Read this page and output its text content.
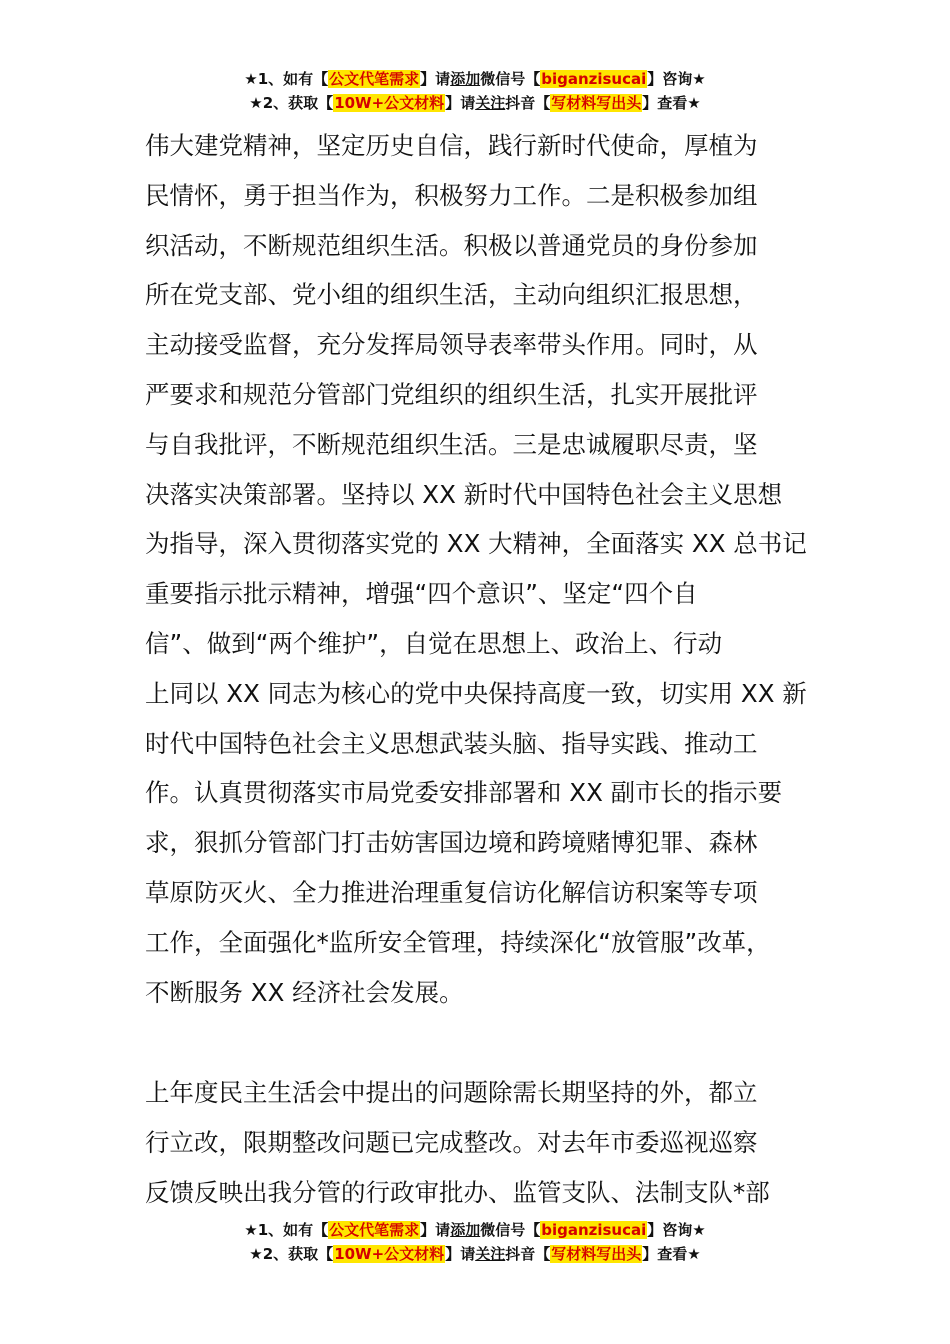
★1、如有【公文代笔需求】请添加微信号【biganzisucai】咨询★
★2、获取【10W+公文材料】请关注抖音【写材料写出头】查看★
伟大建党精神，坚定历史自信，践行新时代使命，厚植为
民情怀，勇于担当作为，积极努力工作。二是积极参加组
织活动，不断规范组织生活。积极以普通党员的身份参加
所在党支部、党小组的组织生活，主动向组织汇报思想，
主动接受监督，充分发挥局领导表率带头作用。同时，从
严要求和规范分管部门党组织的组织生活，扎实开展批评
与自我批评，不断规范组织生活。三是忠诚履职尽责，坚
决落实决策部署。坚持以 XX 新时代中国特色社会主义思想
为指导，深入贯彻落实党的 XX 大精神，全面落实 XX 总书记
重要指示批示精神，增强“四个意识”、坚定“四个自
信”、做到“两个维护”，自觉在思想上、政治上、行动
上同以 XX 同志为核心的党中央保持高度一致，切实用 XX 新
时代中国特色社会主义思想武装头脑、指导实践、推动工
作。认真贯彻落实市局党委安排部署和 XX 副市长的指示要
求，狠抓分管部门打击妨害国边境和跨境赌博犯罪、森林
草原防灭火、全力推进治理重复信访化解信访积案等专项
工作，全面强化*监所安全管理，持续深化“放管服”改革，
不断服务 XX 经济社会发展。
上年度民主生活会中提出的问题除需长期坚持的外，都立
行立改，限期整改问题已完成整改。对去年市委巡视巡察
反馈反映出我分管的行政审批办、监管支队、法制支队*部
★1、如有【公文代笔需求】请添加微信号【biganzisucai】咨询★
★2、获取【10W+公文材料】请关注抖音【写材料写出头】查看★
